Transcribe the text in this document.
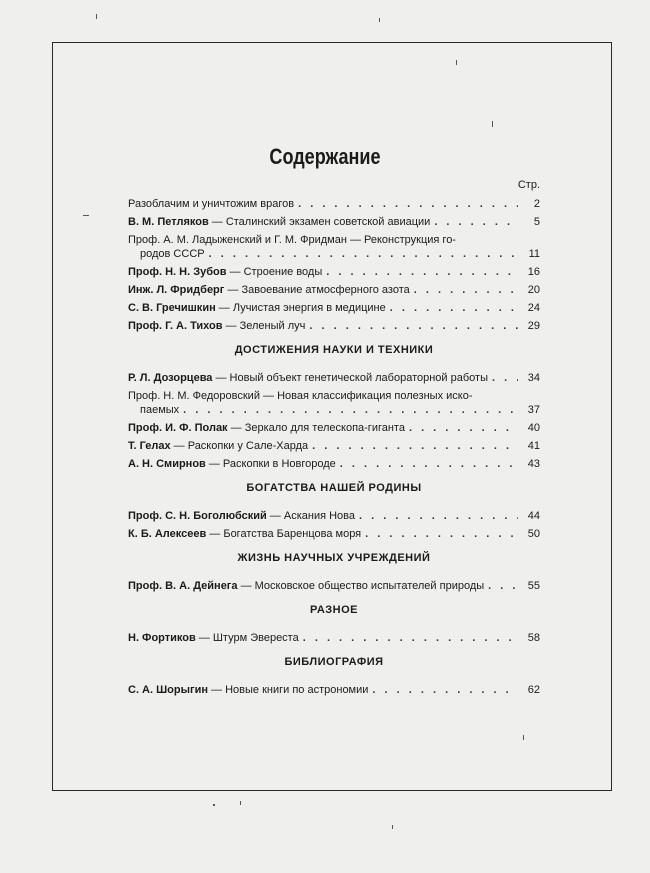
Содержание
Стр.
Разоблачим и уничтожим врагов . . .	2
В. М. Петляков — Сталинский экзамен советской авиации . . .	5
Проф. А. М. Ладыженский и Г. М. Фридман — Реконструкция го-
родов СССР . . .	11
Проф. Н. Н. Зубов — Строение воды . . .	16
Инж. Л. Фридберг — Завоевание атмосферного азота . . .	20
С. В. Гречишкин — Лучистая энергия в медицине . . .	24
Проф. Г. А. Тихов — Зеленый луч . . .	29
ДОСТИЖЕНИЯ НАУКИ И ТЕХНИКИ
Р. Л. Дозорцева — Новый объект генетической лабораторной работы . . .	34
Проф. Н. М. Федоровский — Новая классификация полезных иско-
паемых . . .	37
Проф. И. Ф. Полак — Зеркало для телескопа-гиганта . . .	40
Т. Гелах — Раскопки у Сале-Харда . . .	41
А. Н. Смирнов — Раскопки в Новгороде . . .	43
БОГАТСТВА НАШЕЙ РОДИНЫ
Проф. С. Н. Боголюбский — Аскания Нова . . .	44
К. Б. Алексеев — Богатства Баренцова моря . . .	50
ЖИЗНЬ НАУЧНЫХ УЧРЕЖДЕНИЙ
Проф. В. А. Дейнега — Московское общество испытателей природы . . .	55
РАЗНОЕ
Н. Фортиков — Штурм Эвереста . . .	58
БИБЛИОГРАФИЯ
С. А. Шорыгин — Новые книги по астрономии . . .	62
